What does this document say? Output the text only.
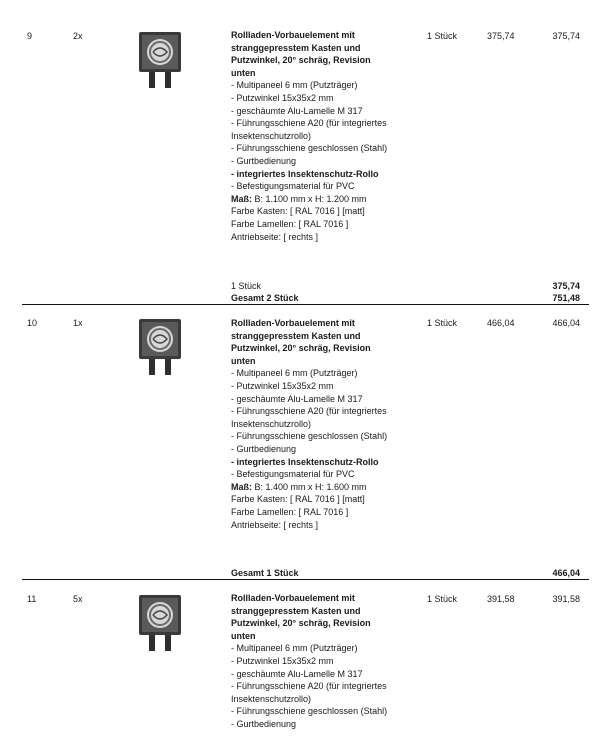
9	2x	Rollladen-Vorbauelement mit
stranggepresstem Kasten und
Putzwinkel, 20° schräg, Revision
unten
- Multipaneel 6 mm (Putzträger)
- Putzwinkel 15x35x2 mm
- geschäumte Alu-Lamelle M 317
- Führungsschiene A20 (für integriertes
Insektenschutzrollo)
- Führungsschiene geschlossen (Stahl)
- Gurtbedienung
- integriertes Insektenschutz-Rollo
- Befestigungsmaterial für PVC
Maß: B: 1.100 mm x H: 1.200 mm
Farbe Kasten: [ RAL 7016 ] [matt]
Farbe Lamellen: [ RAL 7016 ]
Antriebseite: [ rechts ]
1 Stück	375,74	375,74
1 Stück	375,74
Gesamt 2 Stück	751,48
10	1x	Rollladen-Vorbauelement mit
stranggepresstem Kasten und
Putzwinkel, 20° schräg, Revision
unten
- Multipaneel 6 mm (Putzträger)
- Putzwinkel 15x35x2 mm
- geschäumte Alu-Lamelle M 317
- Führungsschiene A20 (für integriertes
Insektenschutzrollo)
- Führungsschiene geschlossen (Stahl)
- Gurtbedienung
- integriertes Insektenschutz-Rollo
- Befestigungsmaterial für PVC
Maß: B: 1.400 mm x H: 1.600 mm
Farbe Kasten: [ RAL 7016 ] [matt]
Farbe Lamellen: [ RAL 7016 ]
Antriebseite: [ rechts ]
1 Stück	466,04	466,04
Gesamt 1 Stück	466,04
11	5x	Rollladen-Vorbauelement mit
stranggepresstem Kasten und
Putzwinkel, 20° schräg, Revision
unten
- Multipaneel 6 mm (Putzträger)
- Putzwinkel 15x35x2 mm
- geschäumte Alu-Lamelle M 317
- Führungsschiene A20 (für integriertes
Insektenschutzrollo)
- Führungsschiene geschlossen (Stahl)
- Gurtbedienung
1 Stück	391,58	391,58
